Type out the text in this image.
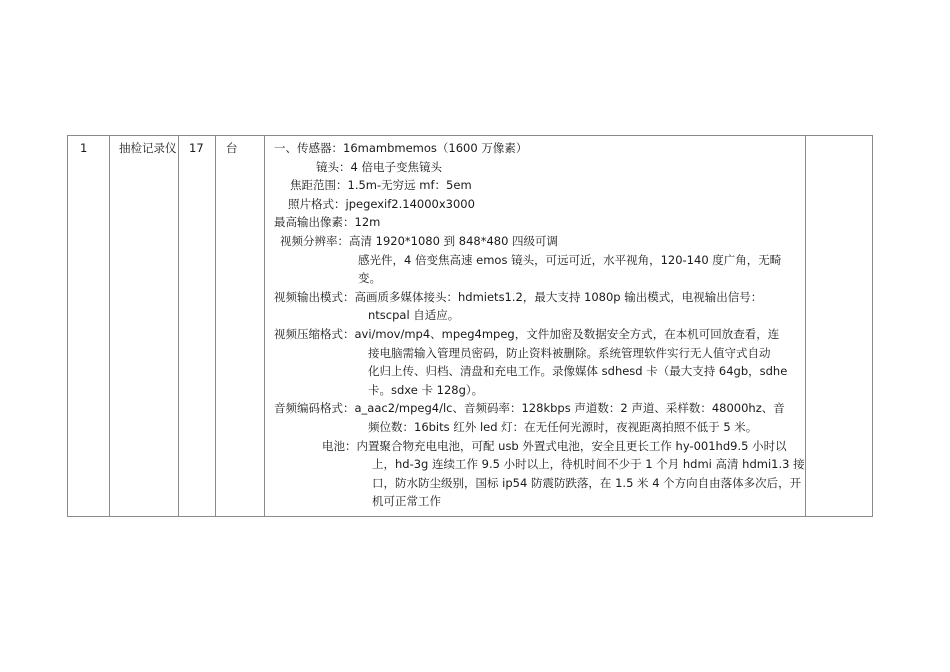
1	抽检记录仪 17 台	一、传感器：16mambmemos（1600 万像素）
镜头：4 倍电子变焦镜头
焦距范围：1.5m-无穷远 mf：5em
照片格式：jpegexif2.14000x3000
最高输出像素：12m
视频分辨率：高清 1920*1080 到 848*480 四级可调
感光件，4 倍变焦高速 emos 镜头，可远可近，水平视角，120-140 度广角，无畸
变。
视频输出模式：高画质多媒体接头：hdmiets1.2，最大支持 1080p 输出模式，电视输出信号：
ntscpal 自适应。
视频压缩格式：avi/mov/mp4、mpeg4mpeg，文件加密及数据安全方式，在本机可回放查看，连
接电脑需输入管理员密码，防止资料被删除。系统管理软件实行无人值守式自动
化归上传、归档、清盘和充电工作。录像媒体 sdhesd 卡（最大支持 64gb，sdhe
卡。sdxe 卡 128g）。
音频编码格式：a_aac2/mpeg4/lc、音频码率：128kbps 声道数：2 声道、采样数：48000hz、音
频位数：16bits 红外 led 灯：在无任何光源时，夜视距离拍照不低于 5 米。
电池：内置聚合物充电电池，可配 usb 外置式电池，安全且更长工作 hy-001hd9.5 小时以
上，hd-3g 连续工作 9.5 小时以上，待机时间不少于 1 个月 hdmi 高清 hdmi1.3 接
口，防水防尘级别，国标 ip54 防震防跌落，在 1.5 米 4 个方向自由落体多次后，开
机可正常工作
